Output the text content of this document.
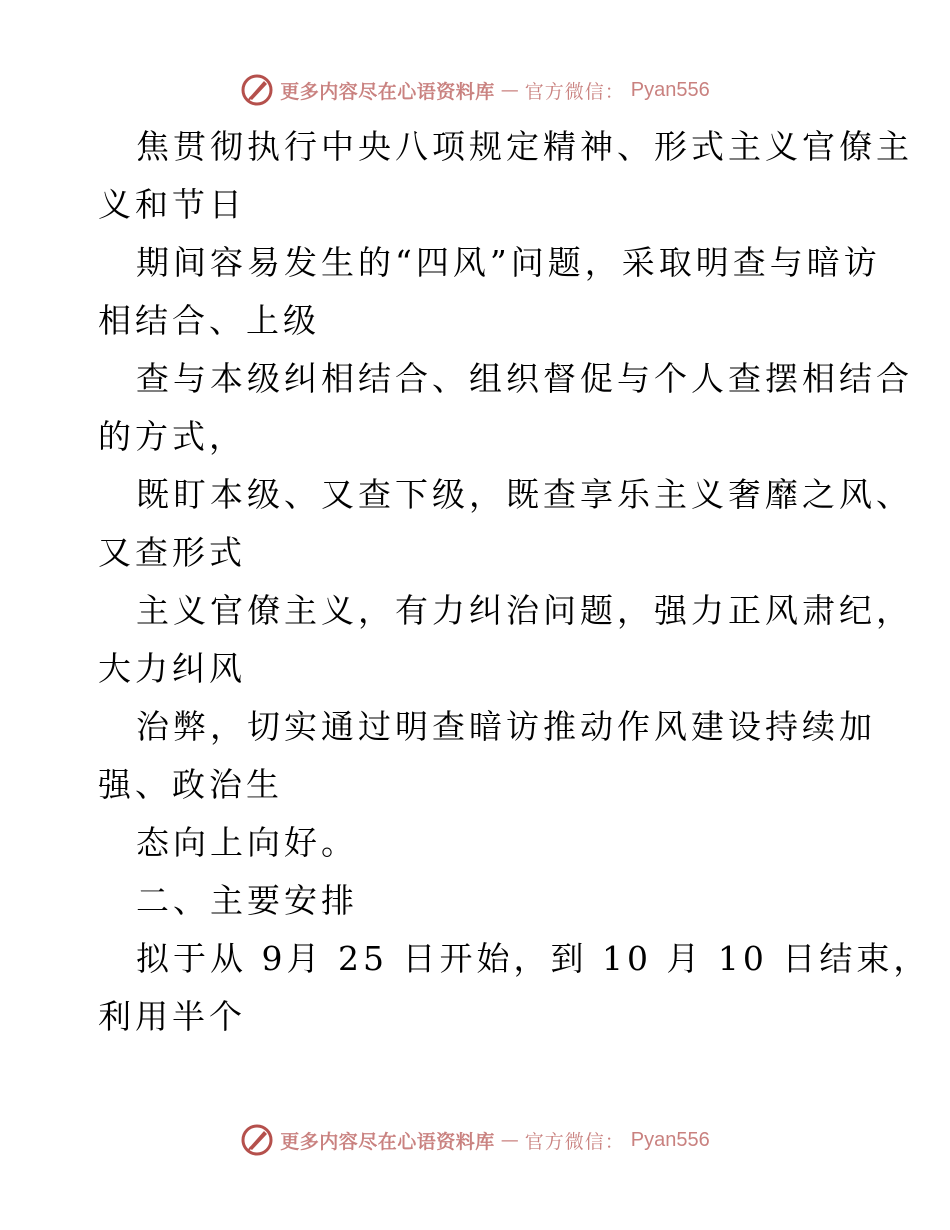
更多内容尽在心语资料库 — 官方微信： Pyan556
焦贯彻执行中央八项规定精神、形式主义官僚主
义和节日
期间容易发生的“四风”问题，采取明查与暗访
相结合、上级
查与本级纠相结合、组织督促与个人查摆相结合
的方式，
既盯本级、又查下级，既查享乐主义奢靡之风、
又查形式
主义官僚主义，有力纠治问题，强力正风肃纪，
大力纠风
治弊，切实通过明查暗访推动作风建设持续加
强、政治生
态向上向好。
二、主要安排
拟于从 9月 25 日开始，到 10 月 10 日结束，
利用半个
更多内容尽在心语资料库 — 官方微信： Pyan556
